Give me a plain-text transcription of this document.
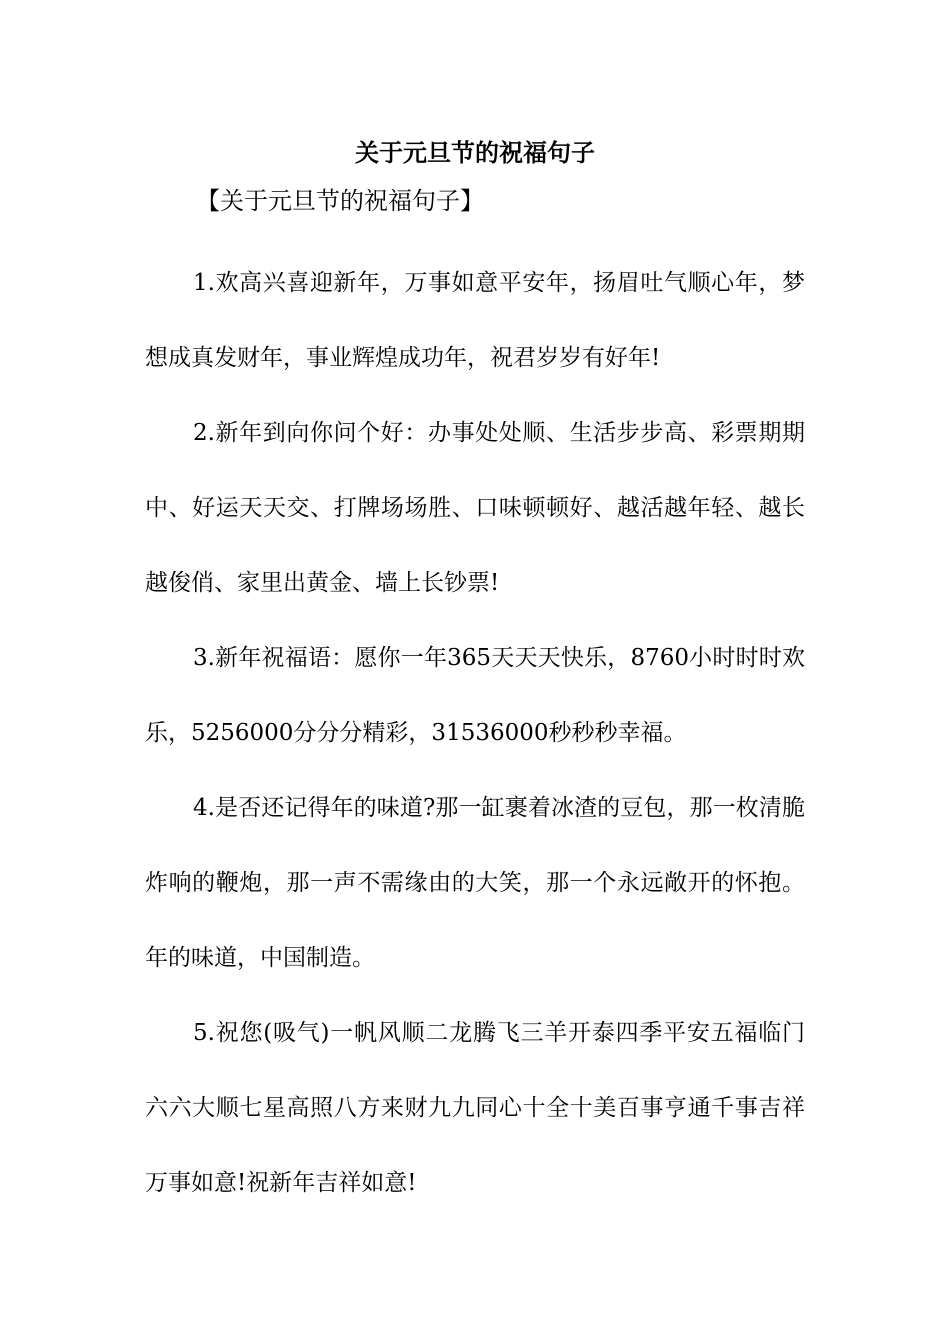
关于元旦节的祝福句子

【关于元旦节的祝福句子】

1.欢高兴喜迎新年，万事如意平安年，扬眉吐气顺心年，梦想成真发财年，事业辉煌成功年，祝君岁岁有好年!

2.新年到向你问个好：办事处处顺、生活步步高、彩票期期中、好运天天交、打牌场场胜、口味顿顿好、越活越年轻、越长越俊俏、家里出黄金、墙上长钞票!

3.新年祝福语：愿你一年365天天天快乐，8760小时时时欢乐，5256000分分分精彩，31536000秒秒秒幸福。

4.是否还记得年的味道?那一缸裹着冰渣的豆包，那一枚清脆炸响的鞭炮，那一声不需缘由的大笑，那一个永远敞开的怀抱。年的味道，中国制造。

5.祝您(吸气)一帆风顺二龙腾飞三羊开泰四季平安五福临门六六大顺七星高照八方来财九九同心十全十美百事亨通千事吉祥万事如意!祝新年吉祥如意!
